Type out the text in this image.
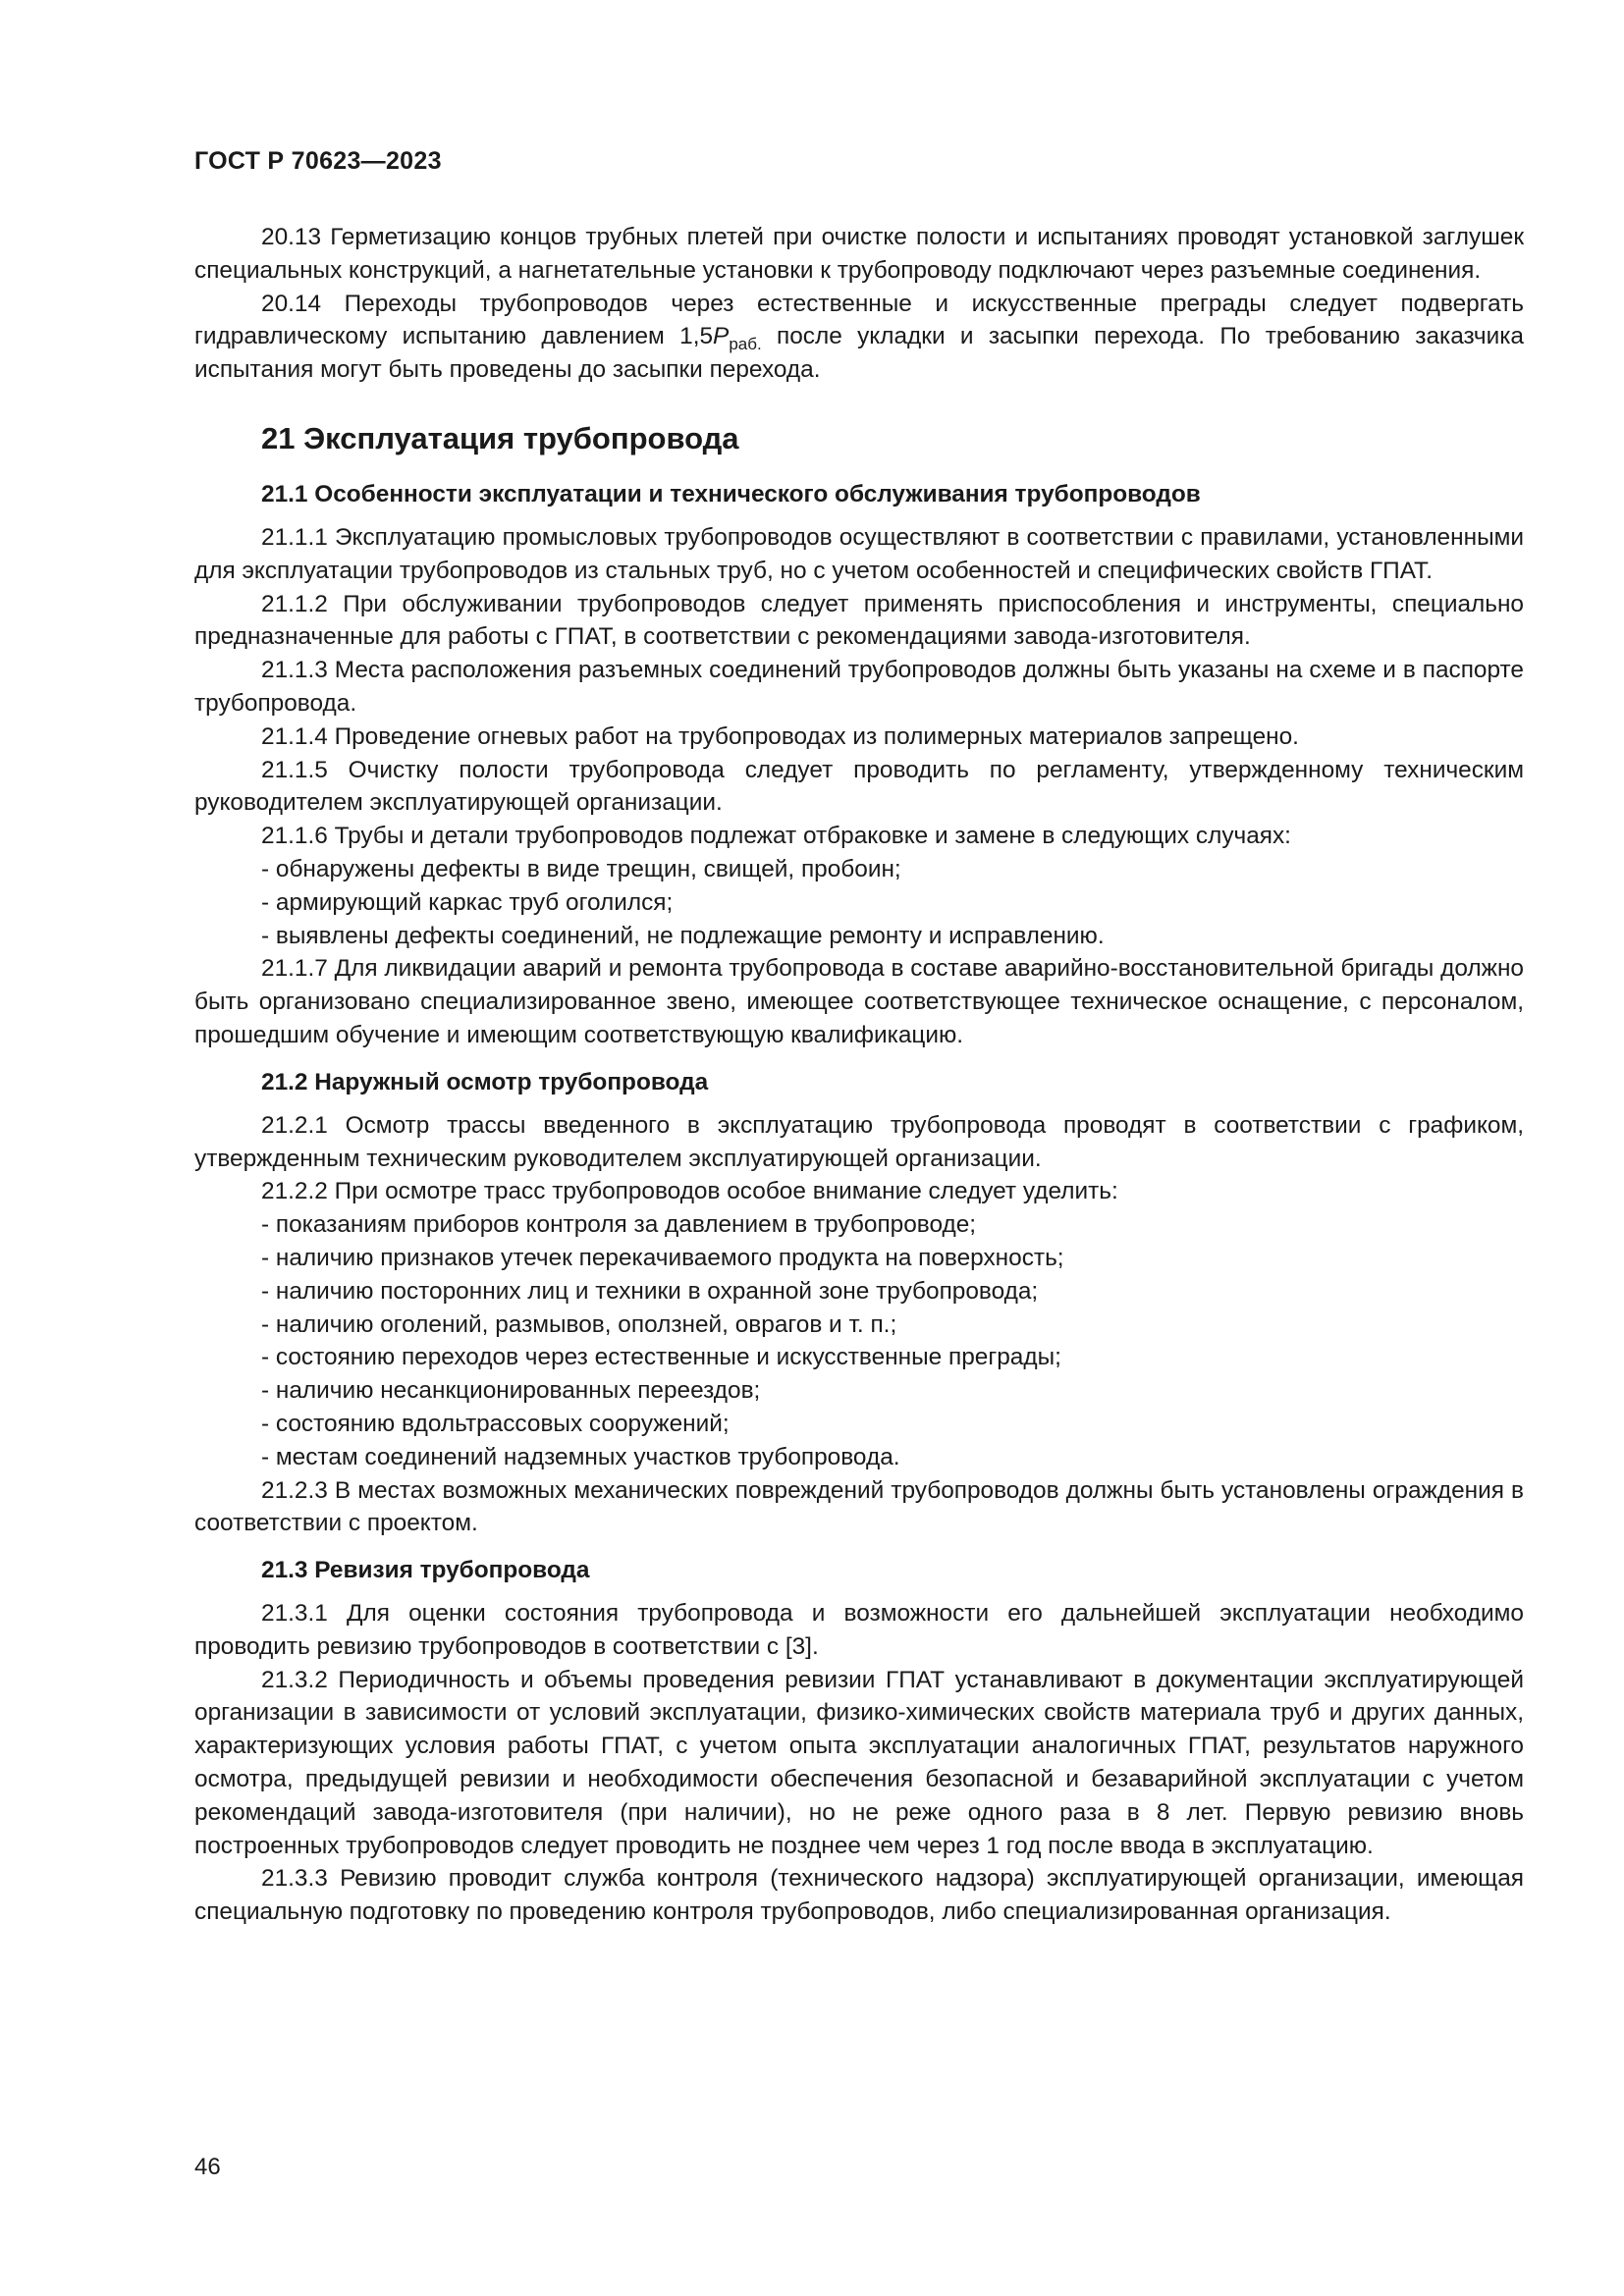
ГОСТ Р 70623—2023

20.13 Герметизацию концов трубных плетей при очистке полости и испытаниях проводят установкой заглушек специальных конструкций, а нагнетательные установки к трубопроводу подключают через разъемные соединения.

20.14 Переходы трубопроводов через естественные и искусственные преграды следует подвергать гидравлическому испытанию давлением $1,5P_{раб.}$ после укладки и засыпки перехода. По требованию заказчика испытания могут быть проведены до засыпки перехода.

21 Эксплуатация трубопровода
21.1 Особенности эксплуатации и технического обслуживания трубопроводов

21.1.1 Эксплуатацию промысловых трубопроводов осуществляют в соответствии с правилами, установленными для эксплуатации трубопроводов из стальных труб, но с учетом особенностей и специфических свойств ГПАТ.

21.1.2 При обслуживании трубопроводов следует применять приспособления и инструменты, специально предназначенные для работы с ГПАТ, в соответствии с рекомендациями завода-изготовителя.

21.1.3 Места расположения разъемных соединений трубопроводов должны быть указаны на схеме и в паспорте трубопровода.

21.1.4 Проведение огневых работ на трубопроводах из полимерных материалов запрещено.

21.1.5 Очистку полости трубопровода следует проводить по регламенту, утвержденному техническим руководителем эксплуатирующей организации.

21.1.6 Трубы и детали трубопроводов подлежат отбраковке и замене в следующих случаях:

- обнаружены дефекты в виде трещин, свищей, пробоин;

- армирующий каркас труб оголился;

- выявлены дефекты соединений, не подлежащие ремонту и исправлению.

21.1.7 Для ликвидации аварий и ремонта трубопровода в составе аварийно-восстановительной бригады должно быть организовано специализированное звено, имеющее соответствующее техническое оснащение, с персоналом, прошедшим обучение и имеющим соответствующую квалификацию.

21.2 Наружный осмотр трубопровода

21.2.1 Осмотр трассы введенного в эксплуатацию трубопровода проводят в соответствии с графиком, утвержденным техническим руководителем эксплуатирующей организации.

21.2.2 При осмотре трасс трубопроводов особое внимание следует уделить:

- показаниям приборов контроля за давлением в трубопроводе;

- наличию признаков утечек перекачиваемого продукта на поверхность;

- наличию посторонних лиц и техники в охранной зоне трубопровода;

- наличию оголений, размывов, оползней, оврагов и т. п.;

- состоянию переходов через естественные и искусственные преграды;

- наличию несанкционированных переездов;

- состоянию вдольтрассовых сооружений;

- местам соединений надземных участков трубопровода.

21.2.3 В местах возможных механических повреждений трубопроводов должны быть установлены ограждения в соответствии с проектом.

21.3 Ревизия трубопровода

21.3.1 Для оценки состояния трубопровода и возможности его дальнейшей эксплуатации необходимо проводить ревизию трубопроводов в соответствии с [3].

21.3.2 Периодичность и объемы проведения ревизии ГПАТ устанавливают в документации эксплуатирующей организации в зависимости от условий эксплуатации, физико-химических свойств материала труб и других данных, характеризующих условия работы ГПАТ, с учетом опыта эксплуатации аналогичных ГПАТ, результатов наружного осмотра, предыдущей ревизии и необходимости обеспечения безопасной и безаварийной эксплуатации с учетом рекомендаций завода-изготовителя (при наличии), но не реже одного раза в 8 лет. Первую ревизию вновь построенных трубопроводов следует проводить не позднее чем через 1 год после ввода в эксплуатацию.

21.3.3 Ревизию проводит служба контроля (технического надзора) эксплуатирующей организации, имеющая специальную подготовку по проведению контроля трубопроводов, либо специализированная организация.

46
